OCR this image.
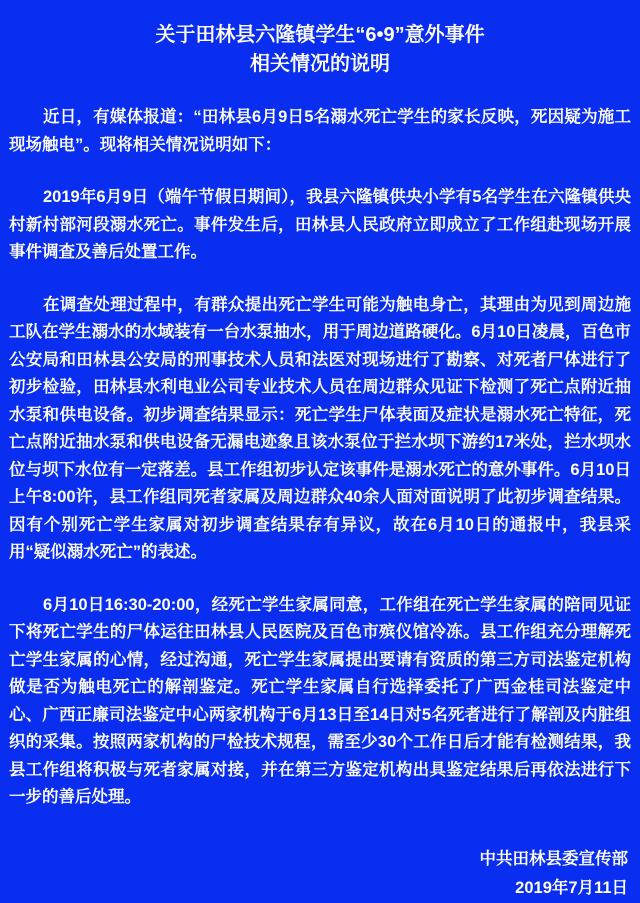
关于田林县六隆镇学生“6•9”意外事件
相关情况的说明

近日，有媒体报道：“田林县6月9日5名溺水死亡学生的家长反映，死因疑为施工现场触电”。现将相关情况说明如下：

2019年6月9日（端午节假日期间），我县六隆镇供央小学有5名学生在六隆镇供央村新村部河段溺水死亡。事件发生后，田林县人民政府立即成立了工作组赴现场开展事件调查及善后处置工作。

在调查处理过程中，有群众提出死亡学生可能为触电身亡，其理由为见到周边施工队在学生溺水的水域装有一台水泵抽水，用于周边道路硬化。6月10日凌晨，百色市公安局和田林县公安局的刑事技术人员和法医对现场进行了勘察、对死者尸体进行了初步检验，田林县水利电业公司专业技术人员在周边群众见证下检测了死亡点附近抽水泵和供电设备。初步调查结果显示：死亡学生尸体表面及症状是溺水死亡特征，死亡点附近抽水泵和供电设备无漏电迹象且该水泵位于拦水坝下游约17米处，拦水坝水位与坝下水位有一定落差。县工作组初步认定该事件是溺水死亡的意外事件。6月10日上午8:00许，县工作组同死者家属及周边群众40余人面对面说明了此初步调查结果。因有个别死亡学生家属对初步调查结果存有异议，故在6月10日的通报中，我县采用“疑似溺水死亡”的表述。

6月10日16:30-20:00，经死亡学生家属同意，工作组在死亡学生家属的陪同见证下将死亡学生的尸体运往田林县人民医院及百色市殡仪馆冷冻。县工作组充分理解死亡学生家属的心情，经过沟通，死亡学生家属提出要请有资质的第三方司法鉴定机构做是否为触电死亡的解剖鉴定。死亡学生家属自行选择委托了广西金桂司法鉴定中心、广西正廉司法鉴定中心两家机构于6月13日至14日对5名死者进行了解剖及内脏组织的采集。按照两家机构的尸检技术规程，需至少30个工作日后才能有检测结果，我县工作组将积极与死者家属对接，并在第三方鉴定机构出具鉴定结果后再依法进行下一步的善后处理。

中共田林县委宣传部
2019年7月11日
